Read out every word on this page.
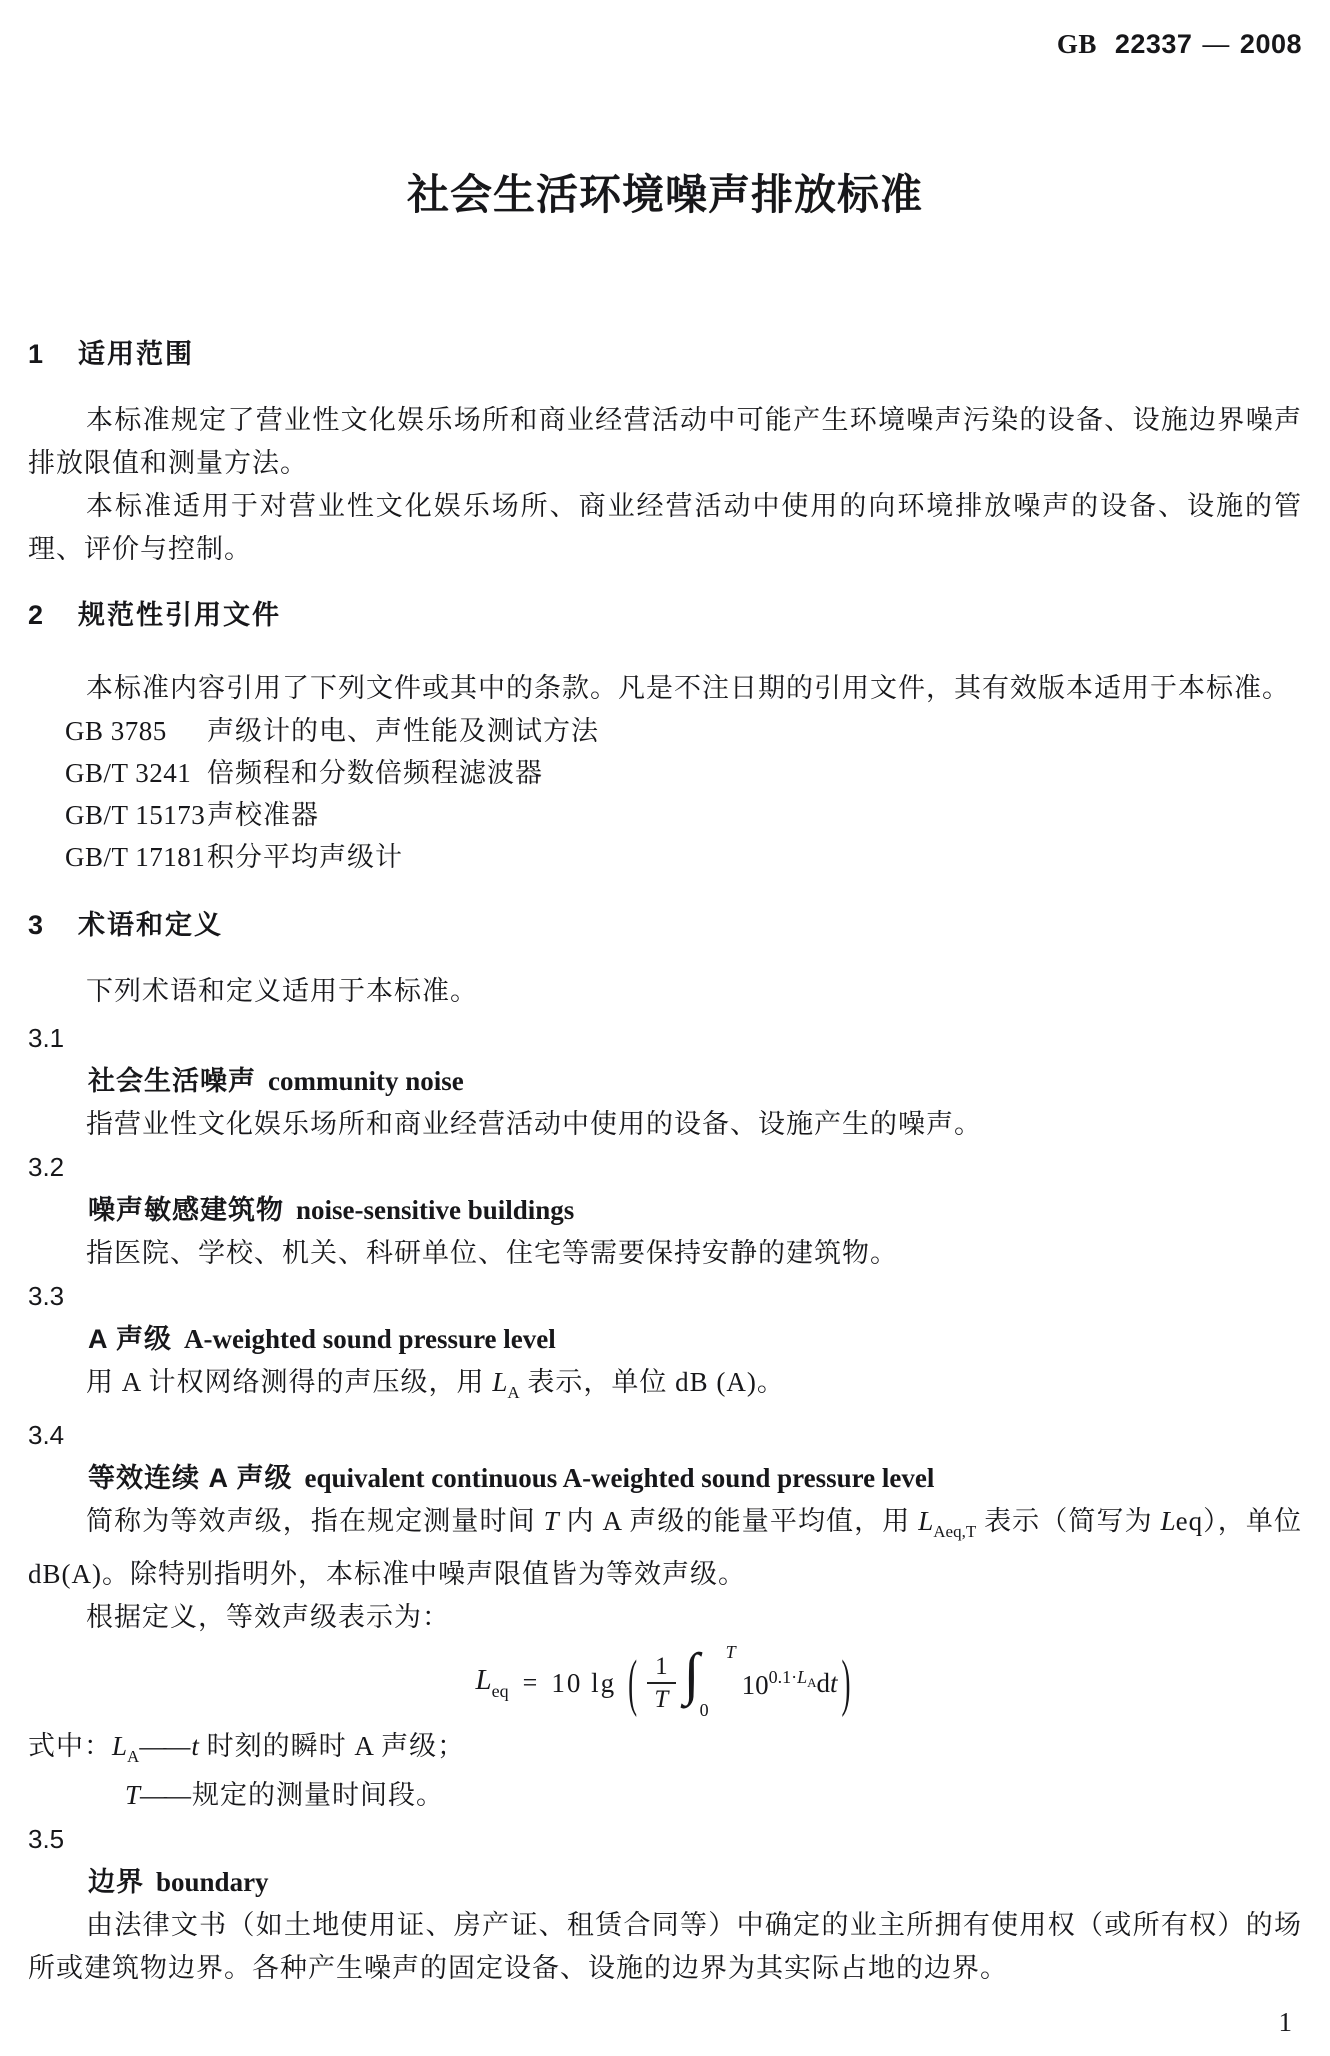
GB 22337 — 2008
社会生活环境噪声排放标准
1	适用范围
本标准规定了营业性文化娱乐场所和商业经营活动中可能产生环境噪声污染的设备、设施边界噪声排放限值和测量方法。
本标准适用于对营业性文化娱乐场所、商业经营活动中使用的向环境排放噪声的设备、设施的管理、评价与控制。
2	规范性引用文件
本标准内容引用了下列文件或其中的条款。凡是不注日期的引用文件，其有效版本适用于本标准。
GB 3785	声级计的电、声性能及测试方法
GB/T 3241 倍频程和分数倍频程滤波器
GB/T 15173 声校准器
GB/T 17181 积分平均声级计
3	术语和定义
下列术语和定义适用于本标准。
3.1
社会生活噪声 community noise
指营业性文化娱乐场所和商业经营活动中使用的设备、设施产生的噪声。
3.2
噪声敏感建筑物 noise-sensitive buildings
指医院、学校、机关、科研单位、住宅等需要保持安静的建筑物。
3.3
A 声级 A-weighted sound pressure level
用 A 计权网络测得的声压级，用 $L_A$ 表示，单位 dB (A)。
3.4
等效连续 A 声级 equivalent continuous A-weighted sound pressure level
简称为等效声级，指在规定测量时间 T 内 A 声级的能量平均值，用 $L_{Aeq,T}$ 表示（简写为 Leq），单位dB(A)。除特别指明外，本标准中噪声限值皆为等效声级。
根据定义，等效声级表示为：
$L_{eq} = 10$ lg ( $\frac{1}{T}$ ∫ T
0
$10^{0.1\cdot L_A}$ dt )
式中：$L_A——$ t 时刻的瞬时 A 声级；
T—— 规定的测量时间段。
3.5
边界 boundary
由法律文书（如土地使用证、房产证、租赁合同等）中确定的业主所拥有使用权（或所有权）的场所或建筑物边界。各种产生噪声的固定设备、设施的边界为其实际占地的边界。
1
